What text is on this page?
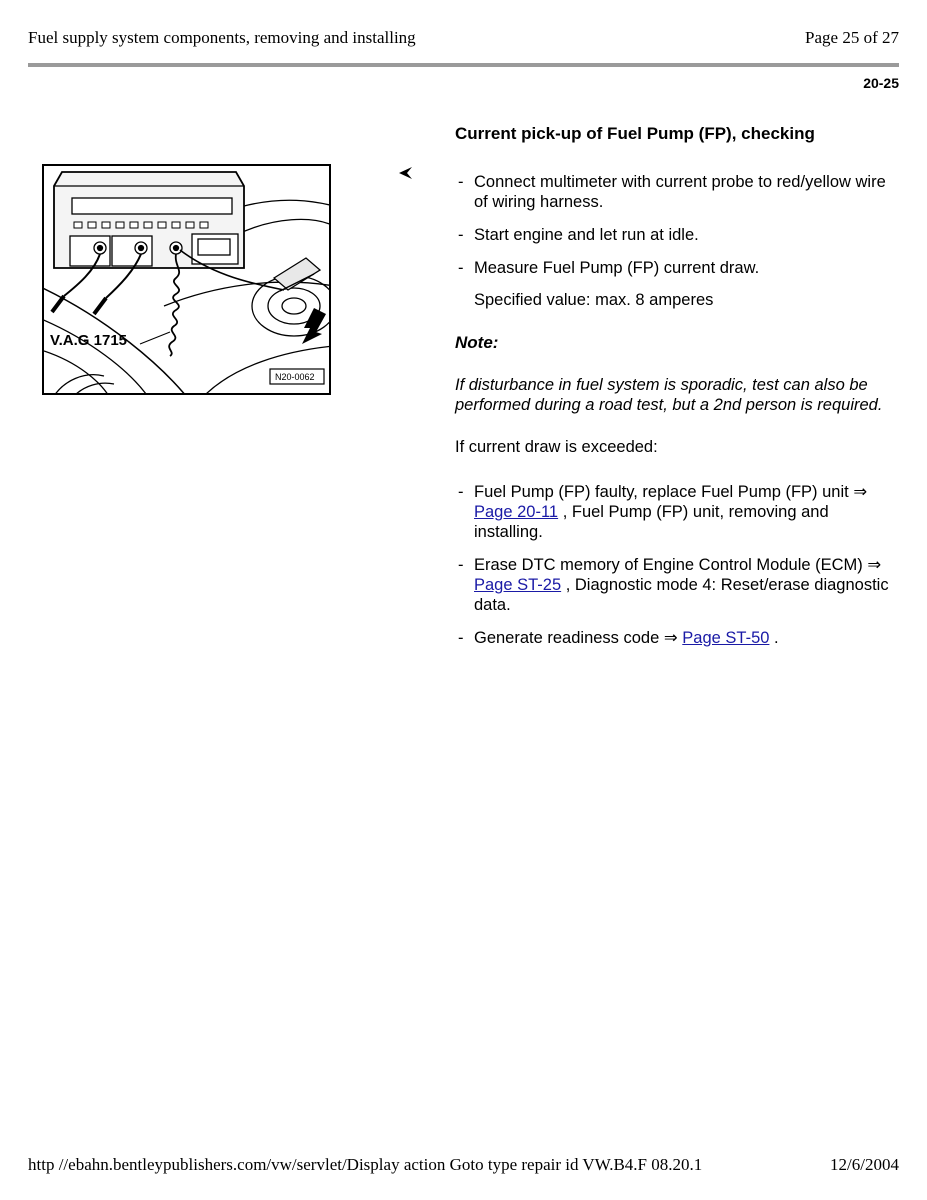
Fuel supply system components, removing and installing	Page 25 of 27
20-25
V.A.G 1715
N20-0062
Current pick-up of Fuel Pump (FP), checking
- Connect multimeter with current probe to red/yellow wire of wiring harness.
- Start engine and let run at idle.
- Measure Fuel Pump (FP) current draw.
Specified value: max. 8 amperes
Note:
If disturbance in fuel system is sporadic, test can also be performed during a road test, but a 2nd person is required.
If current draw is exceeded:
- Fuel Pump (FP) faulty, replace Fuel Pump (FP) unit ⇒ Page 20-11 , Fuel Pump (FP) unit, removing and installing.
- Erase DTC memory of Engine Control Module (ECM) ⇒ Page ST-25 , Diagnostic mode 4: Reset/erase diagnostic data.
- Generate readiness code ⇒ Page ST-50 .
http //ebahn.bentleypublishers.com/vw/servlet/Display action Goto type repair id VW.B4.F 08.20.1	12/6/2004
